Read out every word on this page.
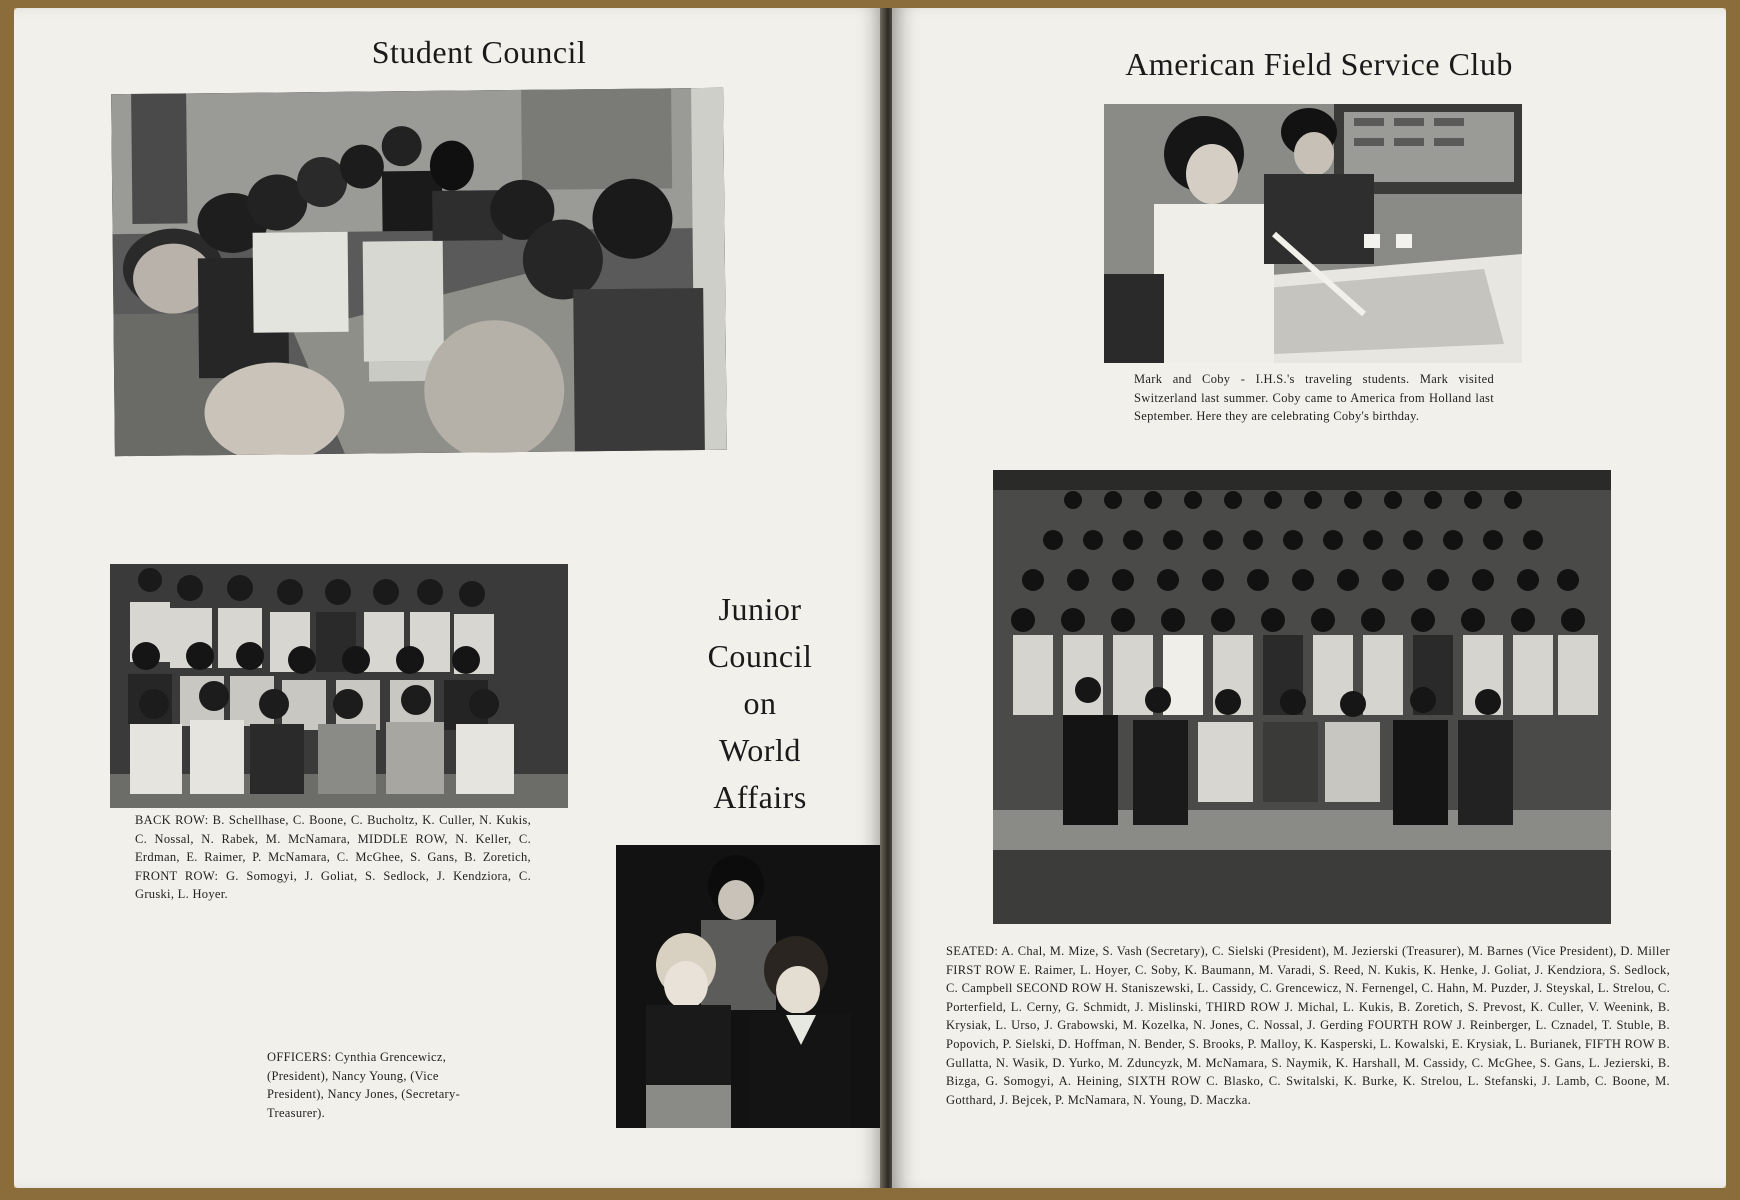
Student Council

BACK ROW: B. Schellhase, C. Boone, C. Bucholtz, K. Culler, N. Kukis, C. Nossal, N. Rabek, M. McNamara, MIDDLE ROW, N. Keller, C. Erdman, E. Raimer, P. McNamara, C. McGhee, S. Gans, B. Zoretich, FRONT ROW: G. Somogyi, J. Goliat, S. Sedlock, J. Kendziora, C. Gruski, L. Hoyer.

OFFICERS: Cynthia Grencewicz, (President), Nancy Young, (Vice President), Nancy Jones, (Secretary-Treasurer).

Junior
Council
on
World
Affairs
American Field Service Club

Mark and Coby - I.H.S.'s traveling students. Mark visited Switzerland last summer. Coby came to America from Holland last September. Here they are celebrating Coby's birthday.

SEATED: A. Chal, M. Mize, S. Vash (Secretary), C. Sielski (President), M. Jezierski (Treasurer), M. Barnes (Vice President), D. Miller FIRST ROW E. Raimer, L. Hoyer, C. Soby, K. Baumann, M. Varadi, S. Reed, N. Kukis, K. Henke, J. Goliat, J. Kendziora, S. Sedlock, C. Campbell SECOND ROW H. Staniszewski, L. Cassidy, C. Grencewicz, N. Fernengel, C. Hahn, M. Puzder, J. Steyskal, L. Strelou, C. Porterfield, L. Cerny, G. Schmidt, J. Mislinski, THIRD ROW J. Michal, L. Kukis, B. Zoretich, S. Prevost, K. Culler, V. Weenink, B. Krysiak, L. Urso, J. Grabowski, M. Kozelka, N. Jones, C. Nossal, J. Gerding FOURTH ROW J. Reinberger, L. Cznadel, T. Stuble, B. Popovich, P. Sielski, D. Hoffman, N. Bender, S. Brooks, P. Malloy, K. Kasperski, L. Kowalski, E. Krysiak, L. Burianek, FIFTH ROW B. Gullatta, N. Wasik, D. Yurko, M. Zduncyzk, M. McNamara, S. Naymik, K. Harshall, M. Cassidy, C. McGhee, S. Gans, L. Jezierski, B. Bizga, G. Somogyi, A. Heining, SIXTH ROW C. Blasko, C. Switalski, K. Burke, K. Strelou, L. Stefanski, J. Lamb, C. Boone, M. Gotthard, J. Bejcek, P. McNamara, N. Young, D. Maczka.
